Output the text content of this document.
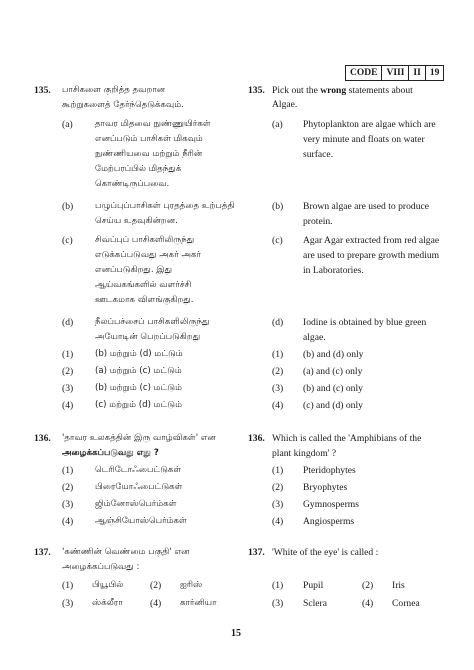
CODE VIII II 19
135. பாசிகளை குறித்த தவறான
கூற்றுகளைத் தேர்ந்தெடுக்கவும்.
(a)	தாவர மிதவை நுண்ணுயிர்கள்
எனப்படும் பாசிகள் மிகவும்
நுண்ணியவை மற்றும் நீரின்
மேற்பரப்பில் மிதந்துக்
கொண்டிருப்பவை.
(b)	பழுப்புப்பாசிகள் புரதத்தை உற்பத்தி
செய்ய உதவுகின்றன.
(c)	சிவப்புப் பாசிகளிலிருந்து
எடுக்கப்படுவது அகர் அகர்
எனப்படுகிறது. இது
ஆய்வகங்களில் வளர்ச்சி
ஊடகமாக விளங்குகிறது.
(d)	நீலப்பச்சைப் பாசிகளிலிருந்து
அயோடின் பெறப்படுகிறது
(1)	(b) மற்றும் (d) மட்டும்
(2)	(a) மற்றும் (c) மட்டும்
(3)	(b) மற்றும் (c) மட்டும்
(4)	(c) மற்றும் (d) மட்டும்
135. Pick out the wrong statements about
Algae.
(a) Phytoplankton are algae which are
very minute and floats on water
surface.
(b) Brown algae are used to produce
protein.
(c) Agar Agar extracted from red algae
are used to prepare growth medium
in Laboratories.
(d) Iodine is obtained by blue green
algae.
(1) (b) and (d) only
(2) (a) and (c) only
(3) (b) and (c) only
(4) (c) and (d) only
136. 'தாவர உலகத்தின் இரு வாழ்விகள்' என
அழைக்கப்படுவது எது ?
(1)	டெரிடோஃபைட்டுகள்
(2)	பிரையோஃபைட்டுகள்
(3)	ஜிம்னோஸ்பெர்ம்கள்
(4)	ஆஞ்சியோஸ்பெர்ம்கள்
136. Which is called the 'Amphibians of the
plant kingdom' ?
(1) Pteridophytes
(2) Bryophytes
(3) Gymnosperms
(4) Angiosperms
137. 'கண்ணின் வெண்மை பகுதி' என
அழைக்கப்படுவது :
(1) பியூபில்	(2) ஐரிஸ்
(3) ஸ்க்லீரா	(4) கார்னியா
137. 'White of the eye' is called :
(1) Pupil	(2) Iris
(3) Sclera	(4) Cornea
15
